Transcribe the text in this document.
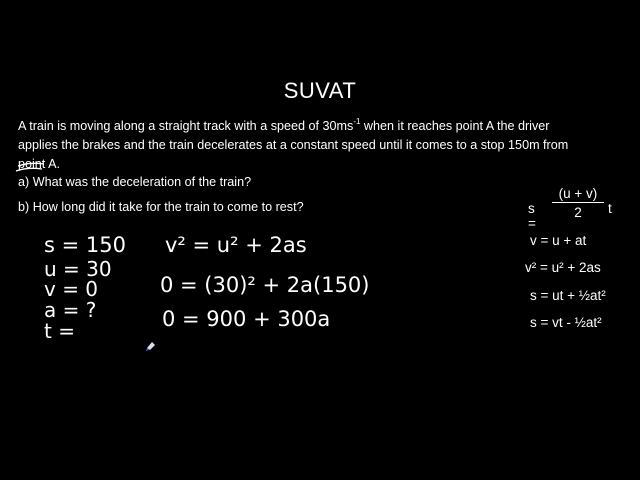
SUVAT
A train is moving along a straight track with a speed of $30ms^{-1}$ when it reaches point A the driver applies the brakes and the train decelerates at a constant speed until it comes to a stop 150m from point A.
a) What was the deceleration of the train?
b) How long did it take for the train to come to rest?	s =
(u + v)
2	t
v = u + at
v² = u² + 2as
s = ut + ½at²
s = vt - ½at²
s = 150
u = 30
v = 0
a = ?
t =
v² = u² + 2as
0 = (30)² + 2a(150)
0 = 900 + 300a
